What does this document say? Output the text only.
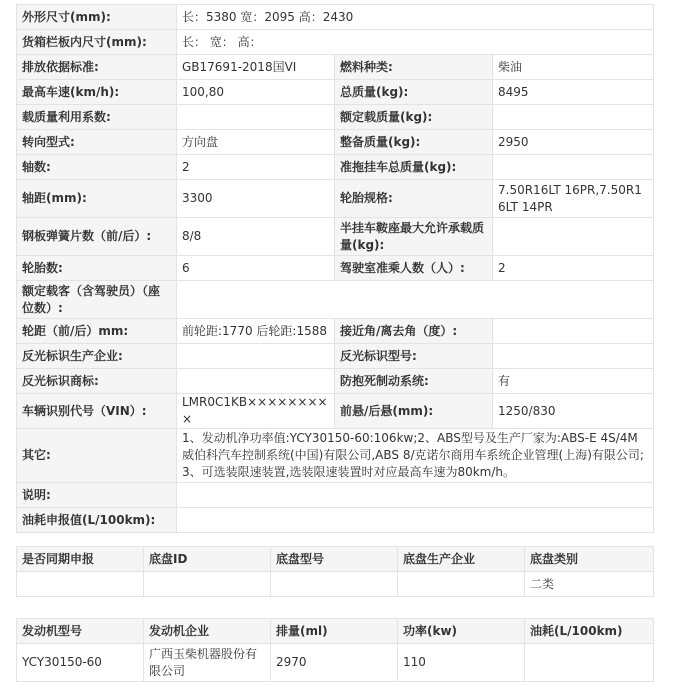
外形尺寸(mm):	长：5380 宽：2095 高：2430		
货箱栏板内尺寸(mm):	长： 宽： 高：		
排放依据标准:	GB17691-2018国VI	燃料种类:	柴油
最高车速(km/h):	100,80	总质量(kg):	8495
载质量利用系数:		额定载质量(kg):	
转向型式:	方向盘	整备质量(kg):	2950
轴数:	2	准拖挂车总质量(kg):	
轴距(mm):	3300	轮胎规格:	7.50R16LT 16PR,7.50R16LT 14PR
钢板弹簧片数（前/后）:	8/8	半挂车鞍座最大允许承载质量(kg):	
轮胎数:	6	驾驶室准乘人数（人）:	2
额定载客（含驾驶员）（座位数）:			
轮距（前/后）mm:	前轮距:1770 后轮距:1588	接近角/离去角（度）:	
反光标识生产企业:		反光标识型号:	
反光标识商标:		防抱死制动系统:	有
车辆识别代号（VIN）:	LMR0C1KB×××××××××	前悬/后悬(mm):	1250/830
其它:	1、发动机净功率值:YCY30150-60:106kw;2、ABS型号及生产厂家为:ABS-E 4S/4M威伯科汽车控制系统(中国)有限公司,ABS 8/克诺尔商用车系统企业管理(上海)有限公司;3、可选装限速装置,选装限速装置时对应最高车速为80km/h。		
说明:			
油耗申报值(L/100km):			
是否同期申报	底盘ID	底盘型号	底盘生产企业	底盘类别
				二类
发动机型号	发动机企业	排量(ml)	功率(kw)	油耗(L/100km)
YCY30150-60	广西玉柴机器股份有限公司	2970	110	
